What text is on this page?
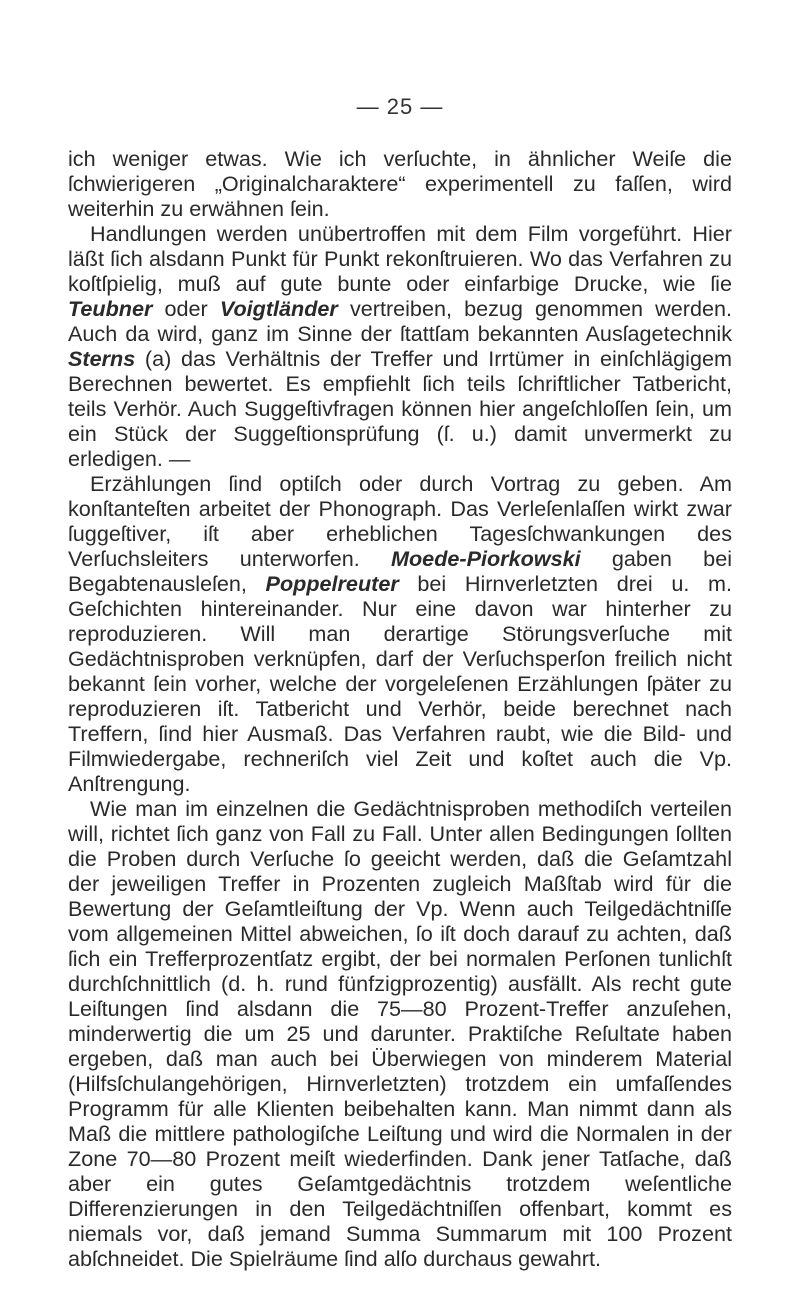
— 25 —

ich weniger etwas. Wie ich verſuchte, in ähnlicher Weiſe die ſchwierigeren „Originalcharaktere“ experimentell zu faſſen, wird weiterhin zu erwähnen ſein.

Handlungen werden unübertroffen mit dem Film vorgeführt. Hier läßt ſich alsdann Punkt für Punkt rekonſtruieren. Wo das Verfahren zu koſtſpielig, muß auf gute bunte oder einfarbige Drucke, wie ſie Teubner oder Voigtländer vertreiben, bezug genommen werden. Auch da wird, ganz im Sinne der ſtattſam bekannten Ausſagetechnik Sterns (a) das Verhältnis der Treffer und Irrtümer in einſchlägigem Berechnen bewertet. Es empfiehlt ſich teils ſchriftlicher Tatbericht, teils Verhör. Auch Suggeſtivfragen können hier angeſchloſſen ſein, um ein Stück der Suggeſtionsprüfung (ſ. u.) damit unvermerkt zu erledigen. —

Erzählungen ſind optiſch oder durch Vortrag zu geben. Am konſtanteſten arbeitet der Phonograph. Das Verleſenlaſſen wirkt zwar ſuggeſtiver, iſt aber erheblichen Tagesſchwankungen des Verſuchsleiters unterworfen. Moede-Piorkowski gaben bei Begabtenausleſen, Poppelreuter bei Hirnverletzten drei u. m. Geſchichten hintereinander. Nur eine davon war hinterher zu reproduzieren. Will man derartige Störungsverſuche mit Gedächtnisproben verknüpfen, darf der Verſuchsperſon freilich nicht bekannt ſein vorher, welche der vorgeleſenen Erzählungen ſpäter zu reproduzieren iſt. Tatbericht und Verhör, beide berechnet nach Treffern, ſind hier Ausmaß. Das Verfahren raubt, wie die Bild- und Filmwiedergabe, rechneriſch viel Zeit und koſtet auch die Vp. Anſtrengung.

Wie man im einzelnen die Gedächtnisproben methodiſch verteilen will, richtet ſich ganz von Fall zu Fall. Unter allen Bedingungen ſollten die Proben durch Verſuche ſo geeicht werden, daß die Geſamtzahl der jeweiligen Treffer in Prozenten zugleich Maßſtab wird für die Bewertung der Geſamtleiſtung der Vp. Wenn auch Teilgedächtniſſe vom allgemeinen Mittel abweichen, ſo iſt doch darauf zu achten, daß ſich ein Trefferprozentſatz ergibt, der bei normalen Perſonen tunlichſt durchſchnittlich (d. h. rund fünfzigprozentig) ausfällt. Als recht gute Leiſtungen ſind alsdann die 75—80 Prozent-Treffer anzuſehen, minderwertig die um 25 und darunter. Praktiſche Reſultate haben ergeben, daß man auch bei Überwiegen von minderem Material (Hilfsſchulangehörigen, Hirnverletzten) trotzdem ein umfaſſendes Programm für alle Klienten beibehalten kann. Man nimmt dann als Maß die mittlere pathologiſche Leiſtung und wird die Normalen in der Zone 70—80 Prozent meiſt wiederfinden. Dank jener Tatſache, daß aber ein gutes Geſamtgedächtnis trotzdem weſentliche Differenzierungen in den Teilgedächtniſſen offenbart, kommt es niemals vor, daß jemand Summa Summarum mit 100 Prozent abſchneidet. Die Spielräume ſind alſo durchaus gewahrt.
